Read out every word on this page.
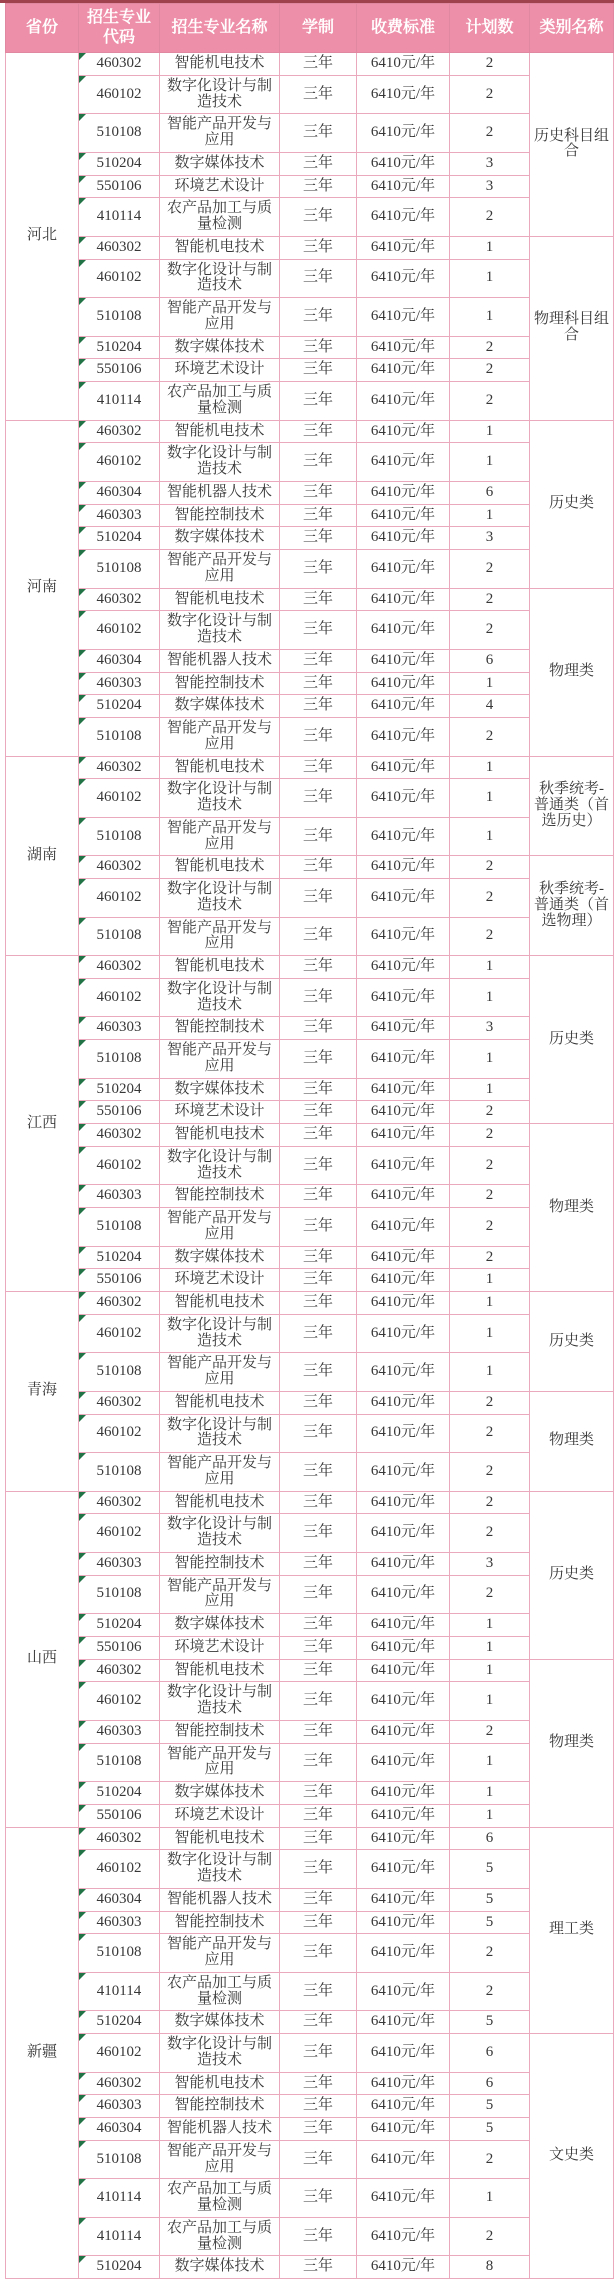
省份	招生专业代码	招生专业名称	学制	收费标准	计划数	类别名称
河北	460302	智能机电技术	三年	6410元/年	2	历史科目组合

460102	数字化设计与制造技术	三年	6410元/年	2	

510108	智能产品开发与应用	三年	6410元/年	2	

510204	数字媒体技术	三年	6410元/年	3	

550106	环境艺术设计	三年	6410元/年	3	

410114	农产品加工与质量检测	三年	6410元/年	2	

460302	智能机电技术	三年	6410元/年	1	物理科目组合

460102	数字化设计与制造技术	三年	6410元/年	1	

510108	智能产品开发与应用	三年	6410元/年	1	

510204	数字媒体技术	三年	6410元/年	2	

550106	环境艺术设计	三年	6410元/年	2	

410114	农产品加工与质量检测	三年	6410元/年	2	
河南	460302	智能机电技术	三年	6410元/年	1	历史类

460102	数字化设计与制造技术	三年	6410元/年	1	

460304	智能机器人技术	三年	6410元/年	6	

460303	智能控制技术	三年	6410元/年	1	

510204	数字媒体技术	三年	6410元/年	3	

510108	智能产品开发与应用	三年	6410元/年	2	

460302	智能机电技术	三年	6410元/年	2	物理类

460102	数字化设计与制造技术	三年	6410元/年	2	

460304	智能机器人技术	三年	6410元/年	6	

460303	智能控制技术	三年	6410元/年	1	

510204	数字媒体技术	三年	6410元/年	4	

510108	智能产品开发与应用	三年	6410元/年	2	
湖南	460302	智能机电技术	三年	6410元/年	1	秋季统考-普通类（首选历史）

460102	数字化设计与制造技术	三年	6410元/年	1	

510108	智能产品开发与应用	三年	6410元/年	1	

460302	智能机电技术	三年	6410元/年	2	秋季统考-普通类（首选物理）

460102	数字化设计与制造技术	三年	6410元/年	2	

510108	智能产品开发与应用	三年	6410元/年	2	
江西	460302	智能机电技术	三年	6410元/年	1	历史类

460102	数字化设计与制造技术	三年	6410元/年	1	

460303	智能控制技术	三年	6410元/年	3	

510108	智能产品开发与应用	三年	6410元/年	1	

510204	数字媒体技术	三年	6410元/年	1	

550106	环境艺术设计	三年	6410元/年	2	

460302	智能机电技术	三年	6410元/年	2	物理类

460102	数字化设计与制造技术	三年	6410元/年	2	

460303	智能控制技术	三年	6410元/年	2	

510108	智能产品开发与应用	三年	6410元/年	2	

510204	数字媒体技术	三年	6410元/年	2	

550106	环境艺术设计	三年	6410元/年	1	
青海	460302	智能机电技术	三年	6410元/年	1	历史类

460102	数字化设计与制造技术	三年	6410元/年	1	

510108	智能产品开发与应用	三年	6410元/年	1	

460302	智能机电技术	三年	6410元/年	2	物理类

460102	数字化设计与制造技术	三年	6410元/年	2	

510108	智能产品开发与应用	三年	6410元/年	2	
山西	460302	智能机电技术	三年	6410元/年	2	历史类

460102	数字化设计与制造技术	三年	6410元/年	2	

460303	智能控制技术	三年	6410元/年	3	

510108	智能产品开发与应用	三年	6410元/年	2	

510204	数字媒体技术	三年	6410元/年	1	

550106	环境艺术设计	三年	6410元/年	1	

460302	智能机电技术	三年	6410元/年	1	物理类

460102	数字化设计与制造技术	三年	6410元/年	1	

460303	智能控制技术	三年	6410元/年	2	

510108	智能产品开发与应用	三年	6410元/年	1	

510204	数字媒体技术	三年	6410元/年	1	

550106	环境艺术设计	三年	6410元/年	1	
新疆	460302	智能机电技术	三年	6410元/年	6	理工类

460102	数字化设计与制造技术	三年	6410元/年	5	

460304	智能机器人技术	三年	6410元/年	5	

460303	智能控制技术	三年	6410元/年	5	

510108	智能产品开发与应用	三年	6410元/年	2	

410114	农产品加工与质量检测	三年	6410元/年	2	

510204	数字媒体技术	三年	6410元/年	5	

460102	数字化设计与制造技术	三年	6410元/年	6	文史类

460302	智能机电技术	三年	6410元/年	6	

460303	智能控制技术	三年	6410元/年	5	

460304	智能机器人技术	三年	6410元/年	5	

510108	智能产品开发与应用	三年	6410元/年	2	

410114	农产品加工与质量检测	三年	6410元/年	1	

410114	农产品加工与质量检测	三年	6410元/年	2	

510204	数字媒体技术	三年	6410元/年	8	
